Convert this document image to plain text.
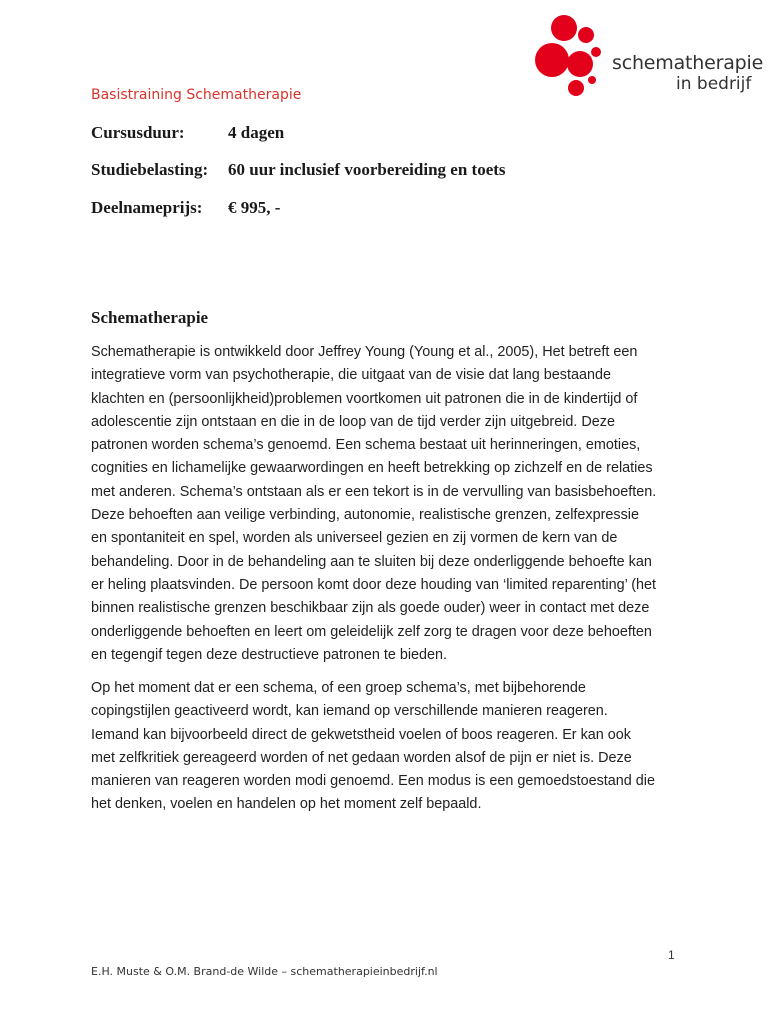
schematherapie
in bedrijf
Basistraining Schematherapie
Cursusduur:	4 dagen
Studiebelasting: 60 uur inclusief voorbereiding en toets
Deelnameprijs: € 995, -
Schematherapie
Schematherapie is ontwikkeld door Jeffrey Young (Young et al., 2005), Het betreft een
integratieve vorm van psychotherapie, die uitgaat van de visie dat lang bestaande
klachten en (persoonlijkheid)problemen voortkomen uit patronen die in de kindertijd of
adolescentie zijn ontstaan en die in de loop van de tijd verder zijn uitgebreid. Deze
patronen worden schema’s genoemd. Een schema bestaat uit herinneringen, emoties,
cognities en lichamelijke gewaarwordingen en heeft betrekking op zichzelf en de relaties
met anderen. Schema’s ontstaan als er een tekort is in de vervulling van basisbehoeften.
Deze behoeften aan veilige verbinding, autonomie, realistische grenzen, zelfexpressie
en spontaniteit en spel, worden als universeel gezien en zij vormen de kern van de
behandeling. Door in de behandeling aan te sluiten bij deze onderliggende behoefte kan
er heling plaatsvinden. De persoon komt door deze houding van ‘limited reparenting’ (het
binnen realistische grenzen beschikbaar zijn als goede ouder) weer in contact met deze
onderliggende behoeften en leert om geleidelijk zelf zorg te dragen voor deze behoeften
en tegengif tegen deze destructieve patronen te bieden.
Op het moment dat er een schema, of een groep schema’s, met bijbehorende
copingstijlen geactiveerd wordt, kan iemand op verschillende manieren reageren.
Iemand kan bijvoorbeeld direct de gekwetstheid voelen of boos reageren. Er kan ook
met zelfkritiek gereageerd worden of net gedaan worden alsof de pijn er niet is. Deze
manieren van reageren worden modi genoemd. Een modus is een gemoedstoestand die
het denken, voelen en handelen op het moment zelf bepaald.
1
E.H. Muste & O.M. Brand-de Wilde – schematherapieinbedrijf.nl
